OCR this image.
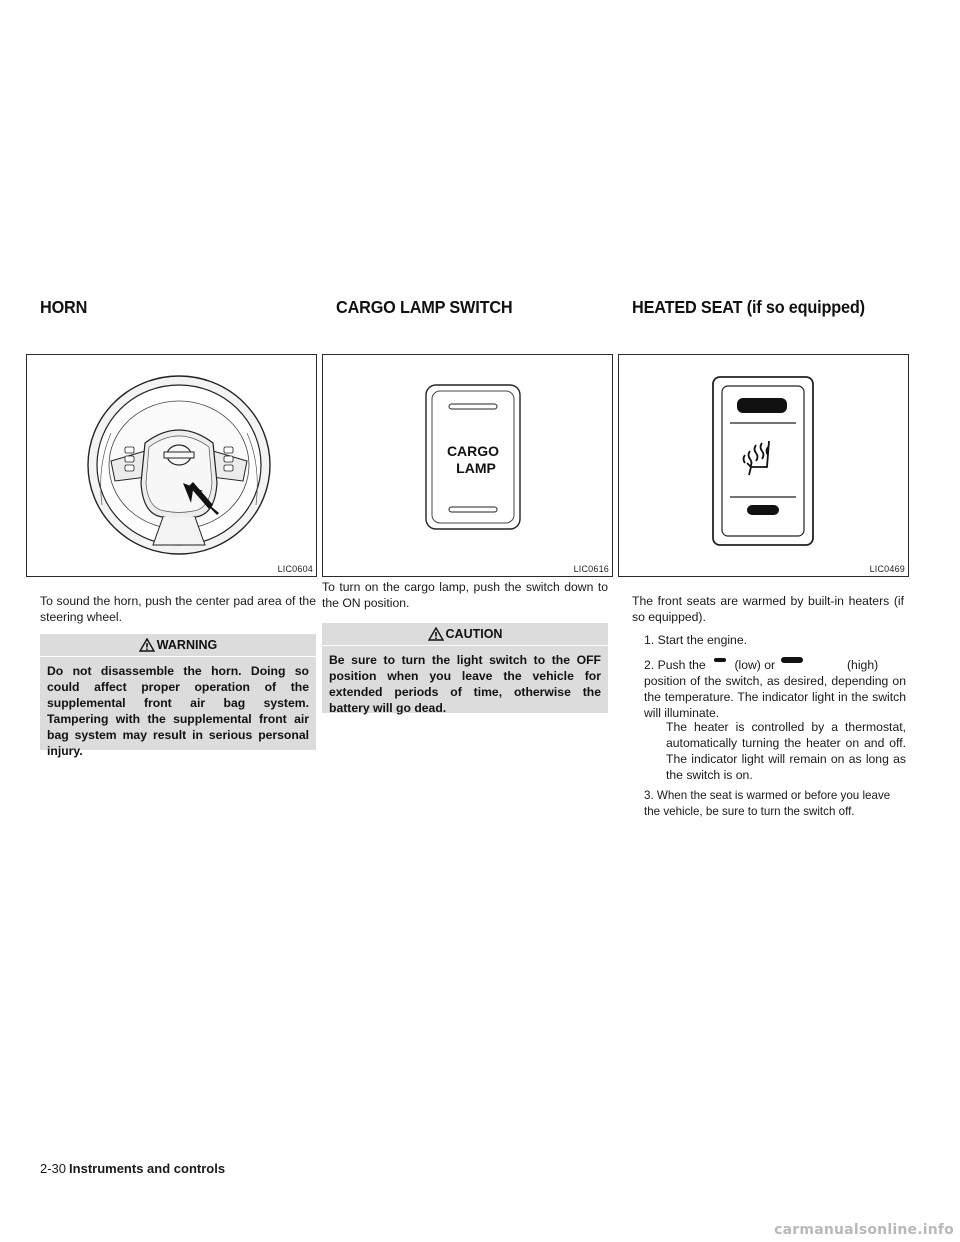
HORN
LIC0604
To sound the horn, push the center pad area of the steering wheel.
WARNING
Do not disassemble the horn. Doing so could affect proper operation of the supplemental front air bag system. Tampering with the supplemental front air bag system may result in serious personal injury.
CARGO LAMP SWITCH
CARGO
LAMP
LIC0616
To turn on the cargo lamp, push the switch down to the ON position.
CAUTION
Be sure to turn the light switch to the OFF position when you leave the vehicle for extended periods of time, otherwise the battery will go dead.
HEATED SEAT (if so equipped)
LIC0469
The front seats are warmed by built-in heaters (if so equipped).
1. Start the engine.
2. Push the (low) or	(high) position of the switch, as desired, depending on the temperature. The indicator light in the switch will illuminate.
The heater is controlled by a thermostat, automatically turning the heater on and off. The indicator light will remain on as long as the switch is on.
3. When the seat is warmed or before you leave the vehicle, be sure to turn the switch off.
2-30 Instruments and controls
carmanualsonline.info
